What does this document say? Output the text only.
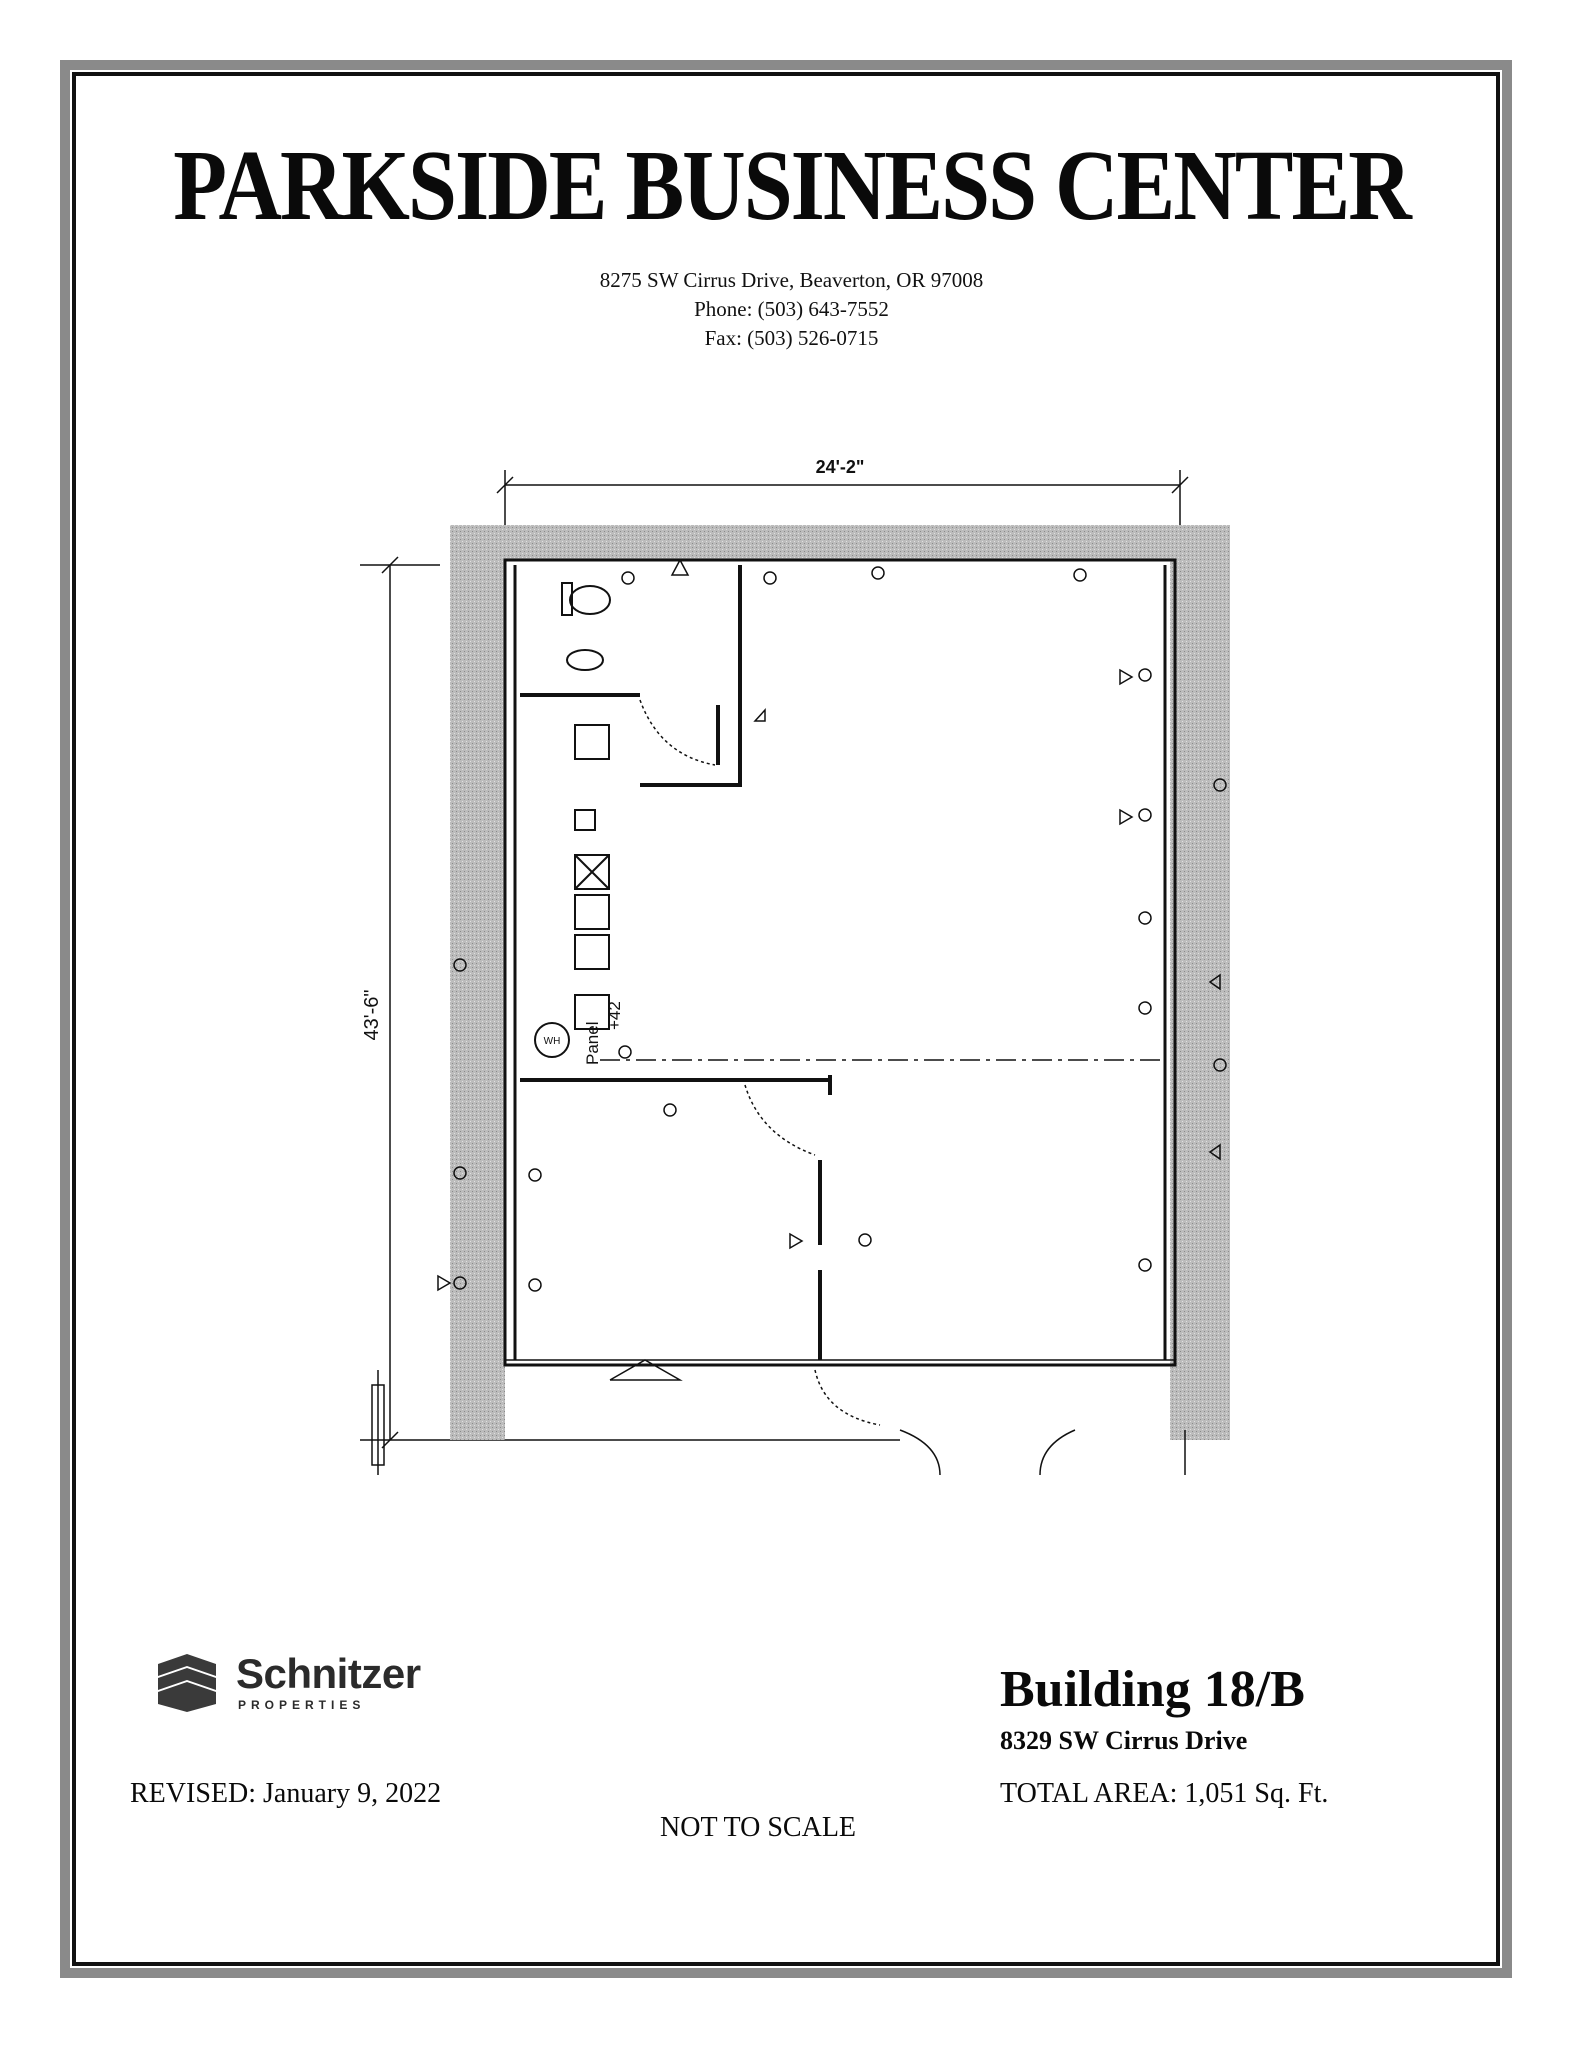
PARKSIDE BUSINESS CENTER
8275 SW Cirrus Drive, Beaverton, OR 97008
Phone: (503) 643-7552
Fax: (503) 526-0715
24'-2"
43'-6"
WH Panel
+42
Schnitzer
PROPERTIES	Building 18/B
8329 SW Cirrus Drive
TOTAL AREA: 1,051 Sq. Ft.
REVISED: January 9, 2022
NOT TO SCALE
